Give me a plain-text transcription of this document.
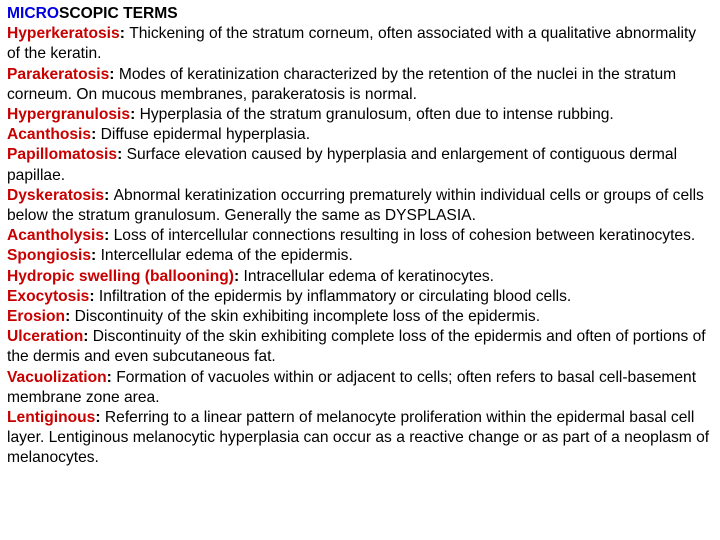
MICROSCOPIC TERMS

Hyperkeratosis: Thickening of the stratum corneum, often associated with a qualitative abnormality of the keratin.

Parakeratosis: Modes of keratinization characterized by the retention of the nuclei in the stratum corneum. On mucous membranes, parakeratosis is normal.

Hypergranulosis: Hyperplasia of the stratum granulosum, often due to intense rubbing.

Acanthosis: Diffuse epidermal hyperplasia.

Papillomatosis: Surface elevation caused by hyperplasia and enlargement of contiguous dermal papillae.

Dyskeratosis: Abnormal keratinization occurring prematurely within individual cells or groups of cells below the stratum granulosum. Generally the same as DYSPLASIA.

Acantholysis: Loss of intercellular connections resulting in loss of cohesion between keratinocytes.

Spongiosis: Intercellular edema of the epidermis.

Hydropic swelling (ballooning): Intracellular edema of keratinocytes.

Exocytosis: Infiltration of the epidermis by inflammatory or circulating blood cells.

Erosion: Discontinuity of the skin exhibiting incomplete loss of the epidermis.

Ulceration: Discontinuity of the skin exhibiting complete loss of the epidermis and often of portions of the dermis and even subcutaneous fat.

Vacuolization: Formation of vacuoles within or adjacent to cells; often refers to basal cell-basement membrane zone area.

Lentiginous: Referring to a linear pattern of melanocyte proliferation within the epidermal basal cell layer. Lentiginous melanocytic hyperplasia can occur as a reactive change or as part of a neoplasm of melanocytes.
